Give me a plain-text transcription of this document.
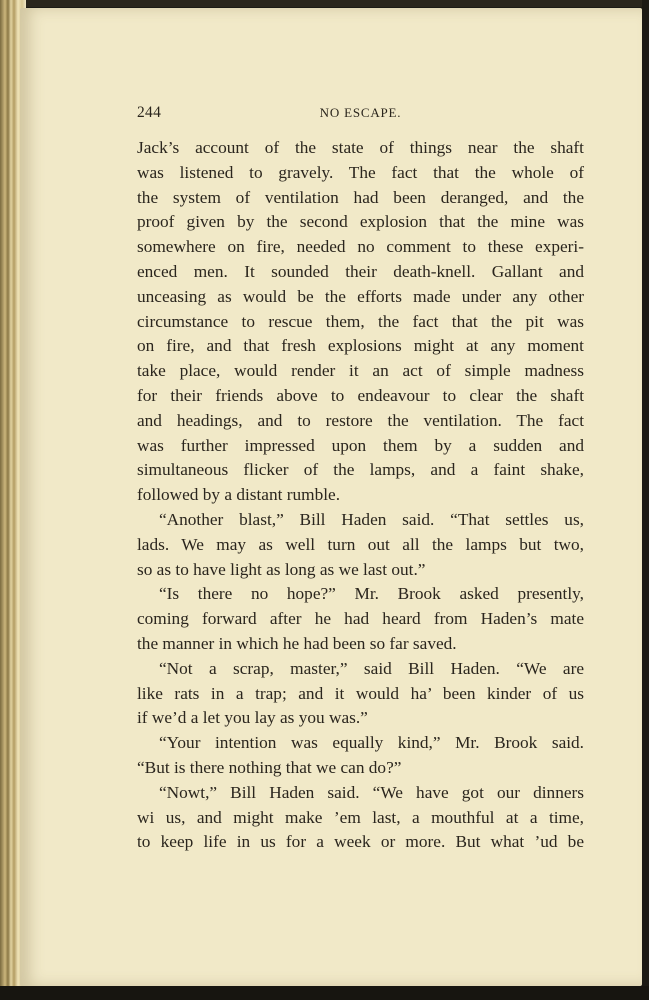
244	NO ESCAPE.
Jack’s account of the state of things near the shaft
was listened to gravely. The fact that the whole of
the system of ventilation had been deranged, and the
proof given by the second explosion that the mine was
somewhere on fire, needed no comment to these experi-
enced men. It sounded their death-knell. Gallant and
unceasing as would be the efforts made under any other
circumstance to rescue them, the fact that the pit was
on fire, and that fresh explosions might at any moment
take place, would render it an act of simple madness
for their friends above to endeavour to clear the shaft
and headings, and to restore the ventilation. The fact
was further impressed upon them by a sudden and
simultaneous flicker of the lamps, and a faint shake,
followed by a distant rumble.
“Another blast,” Bill Haden said. “That settles us,
lads. We may as well turn out all the lamps but two,
so as to have light as long as we last out.”
“Is there no hope?” Mr. Brook asked presently,
coming forward after he had heard from Haden’s mate
the manner in which he had been so far saved.
“Not a scrap, master,” said Bill Haden. “We are
like rats in a trap; and it would ha’ been kinder of us
if we’d a let you lay as you was.”
“Your intention was equally kind,” Mr. Brook said.
“But is there nothing that we can do?”
“Nowt,” Bill Haden said. “We have got our dinners
wi us, and might make ’em last, a mouthful at a time,
to keep life in us for a week or more. But what ’ud be
